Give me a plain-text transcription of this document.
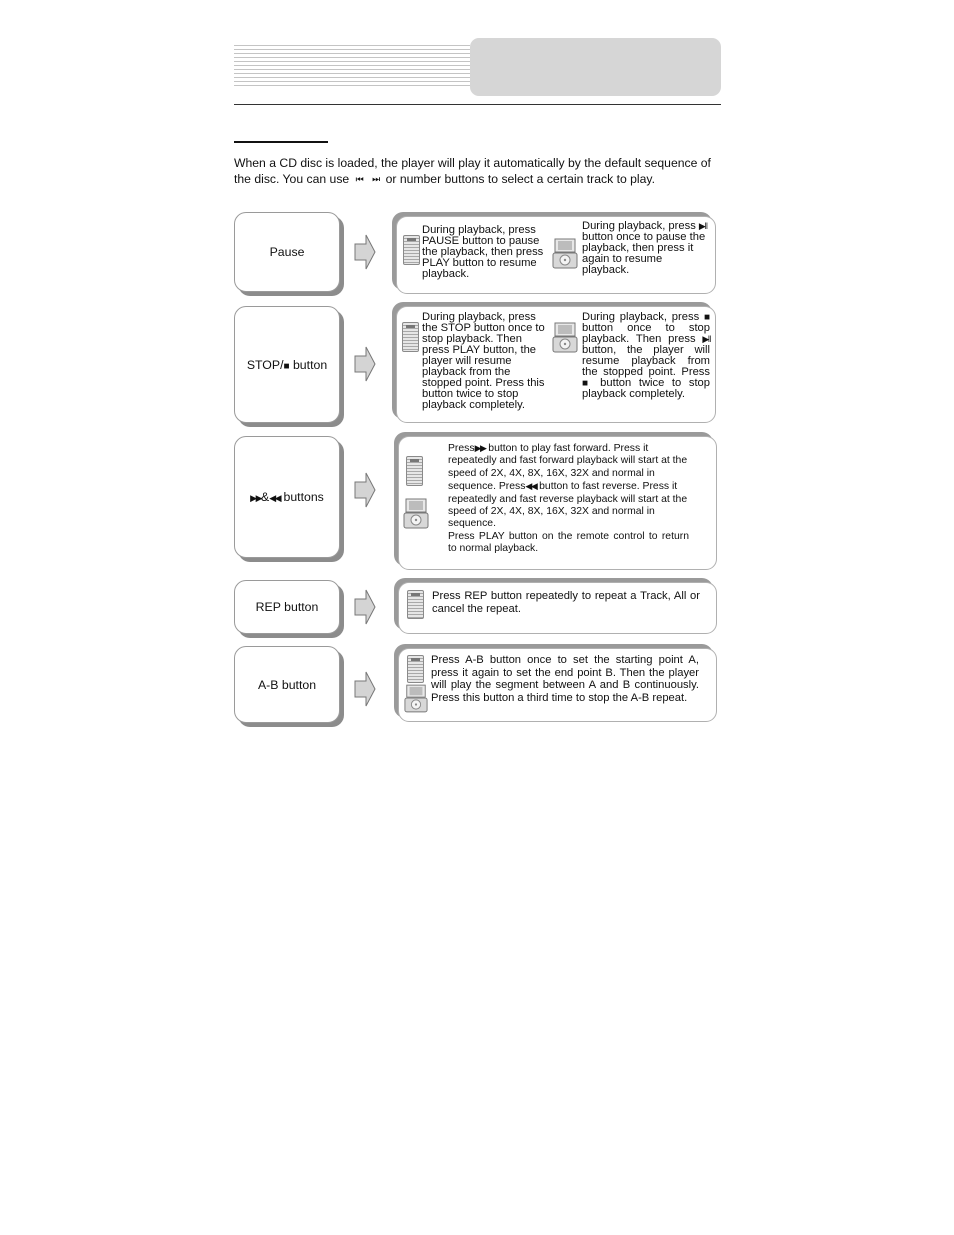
When a CD disc is loaded, the player will play it automatically by the default sequence of the disc. You can use ⏮ ⏭ or number buttons to select a certain track to play.
Pause
During playback, press PAUSE button to pause the playback, then press PLAY button to resume playback.
During playback, press ▶‖ button once to pause the playback, then press it again to resume playback.
STOP/■ button
During playback, press the STOP button once to stop playback. Then press PLAY button, the player will resume playback from the stopped point. Press this button twice to stop playback completely.
During playback, press ■ button once to stop playback. Then press ▶‖ button, the player will resume playback from the stopped point. Press ■ button twice to stop playback completely.
▶▶&◀◀ buttons
Press▶▶ button to play fast forward. Press it repeatedly and fast forward playback will start at the speed of 2X, 4X, 8X, 16X, 32X and normal in sequence. Press◀◀ button to fast reverse. Press it repeatedly and fast reverse playback will start at the speed of 2X, 4X, 8X, 16X, 32X and normal in sequence.
Press PLAY button on the remote control to return to normal playback.
REP button
Press REP button repeatedly to repeat a Track, All or cancel the repeat.
A-B button
Press A-B button once to set the starting point A, press it again to set the end point B. Then the player will play the segment between A and B continuously. Press this button a third time to stop the A-B repeat.
